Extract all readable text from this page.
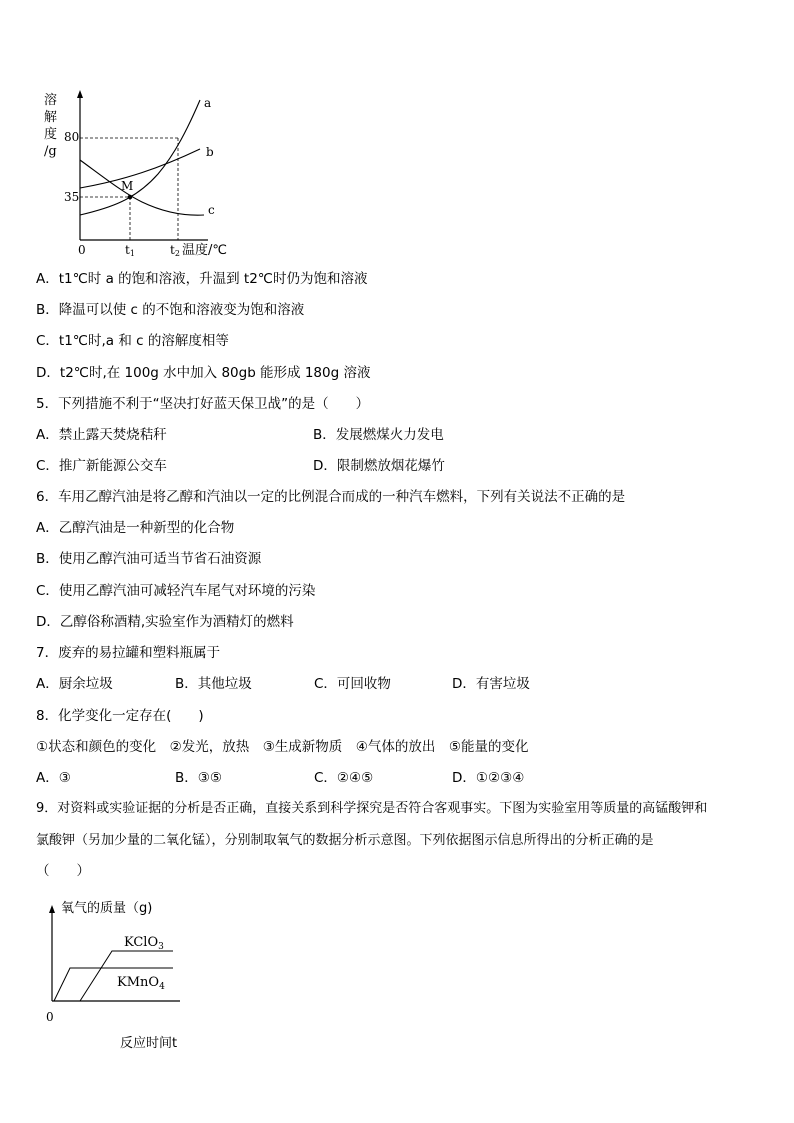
溶
解
度
/g
80
35
0	t1	t2 温度/℃
M
a
b
c
A．t1℃时 a 的饱和溶液，升温到 t2℃时仍为饱和溶液
B．降温可以使 c 的不饱和溶液变为饱和溶液
C．t1℃时,a 和 c 的溶解度相等
D．t2℃时,在 100g 水中加入 80gb 能形成 180g 溶液
5．下列措施不利于“坚决打好蓝天保卫战”的是（　　）
A．禁止露天焚烧秸秆	B．发展燃煤火力发电
C．推广新能源公交车	D．限制燃放烟花爆竹
6．车用乙醇汽油是将乙醇和汽油以一定的比例混合而成的一种汽车燃料，下列有关说法不正确的是
A．乙醇汽油是一种新型的化合物
B．使用乙醇汽油可适当节省石油资源
C．使用乙醇汽油可减轻汽车尾气对环境的污染
D．乙醇俗称酒精,实验室作为酒精灯的燃料
7．废弃的易拉罐和塑料瓶属于
A．厨余垃圾	B．其他垃圾	C．可回收物	D．有害垃圾
8．化学变化一定存在(　　)
①状态和颜色的变化　②发光，放热　③生成新物质　④气体的放出　⑤能量的变化
A．③	B．③⑤	C．②④⑤	D．①②③④
9．对资料或实验证据的分析是否正确，直接关系到科学探究是否符合客观事实。下图为实验室用等质量的高锰酸钾和
氯酸钾（另加少量的二氧化锰），分别制取氧气的数据分析示意图。下列依据图示信息所得出的分析正确的是
（　　）
氧气的质量（g)
0
反应时间t
KClO$_3$
KMnO$_4$
